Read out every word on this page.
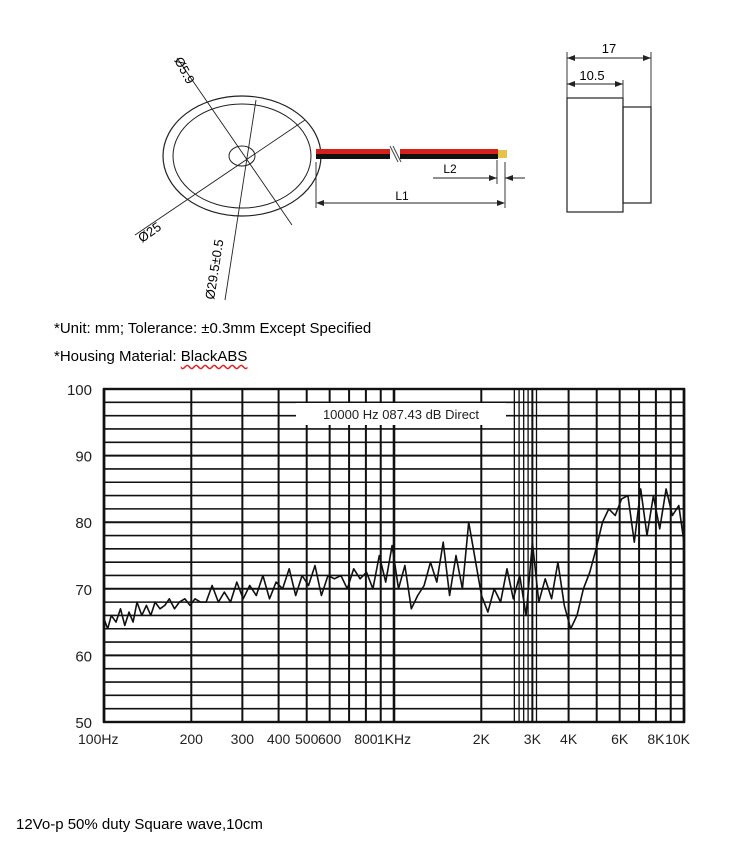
L1
L2
Ø5.9
Ø25
Ø29.5±0.5
17
10.5
*Unit: mm; Tolerance: ±0.3mm Except Specified
*Housing Material: BlackABS
50
60
70
80
90
100
100Hz	200 300 400 500 600 800 1KHz	2K 3K 4K 6K 8K 10K
10000 Hz 087.43 dB Direct
12Vo-p 50% duty Square wave,10cm
